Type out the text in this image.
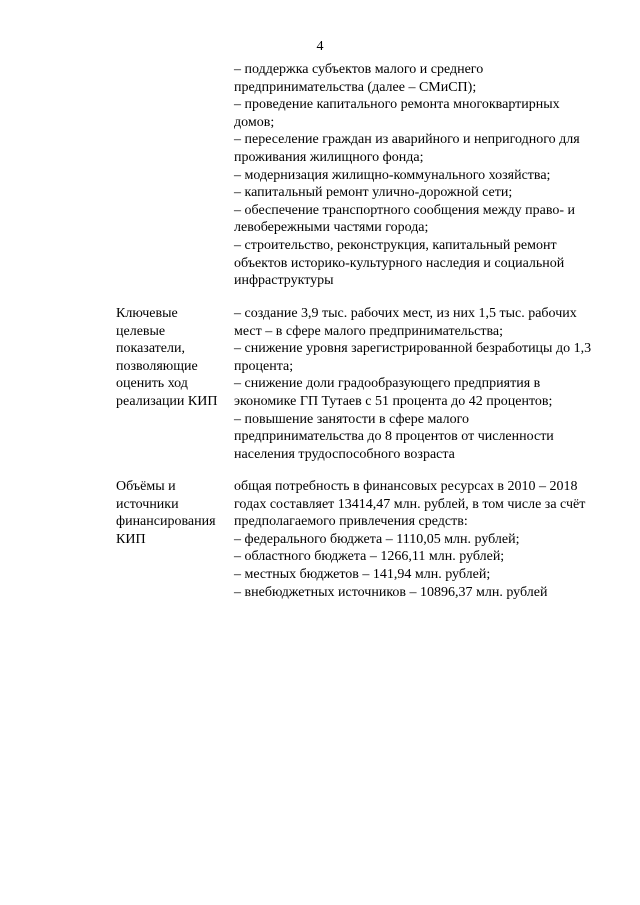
4

– поддержка субъектов малого и среднего предпринимательства (далее – СМиСП);

– проведение капитального ремонта многоквартирных домов;

– переселение граждан из аварийного и непригодного для проживания жилищного фонда;

– модернизация жилищно-коммунального хозяйства;

– капитальный ремонт улично-дорожной сети;

– обеспечение транспортного сообщения между право- и левобережными частями города;

– строительство, реконструкция, капитальный ремонт объектов историко-культурного наследия и социальной инфраструктуры

Ключевые целевые показатели, позволяющие оценить ход реализации КИП

– создание 3,9 тыс. рабочих мест, из них 1,5 тыс. рабочих мест – в сфере малого предпринимательства;

– снижение уровня зарегистрированной безработицы до 1,3 процента;

– снижение доли градообразующего предприятия в экономике ГП Тутаев с 51 процента до 42 процентов;

– повышение занятости в сфере малого предпринимательства до 8 процентов от численности населения трудоспособного возраста

Объёмы и источники финансирования КИП

общая потребность в финансовых ресурсах в 2010 – 2018 годах составляет 13414,47 млн. рублей, в том числе за счёт предполагаемого привлечения средств:

– федерального бюджета – 1110,05 млн. рублей;

– областного бюджета – 1266,11 млн. рублей;

– местных бюджетов – 141,94 млн. рублей;

– внебюджетных источников – 10896,37 млн. рублей
